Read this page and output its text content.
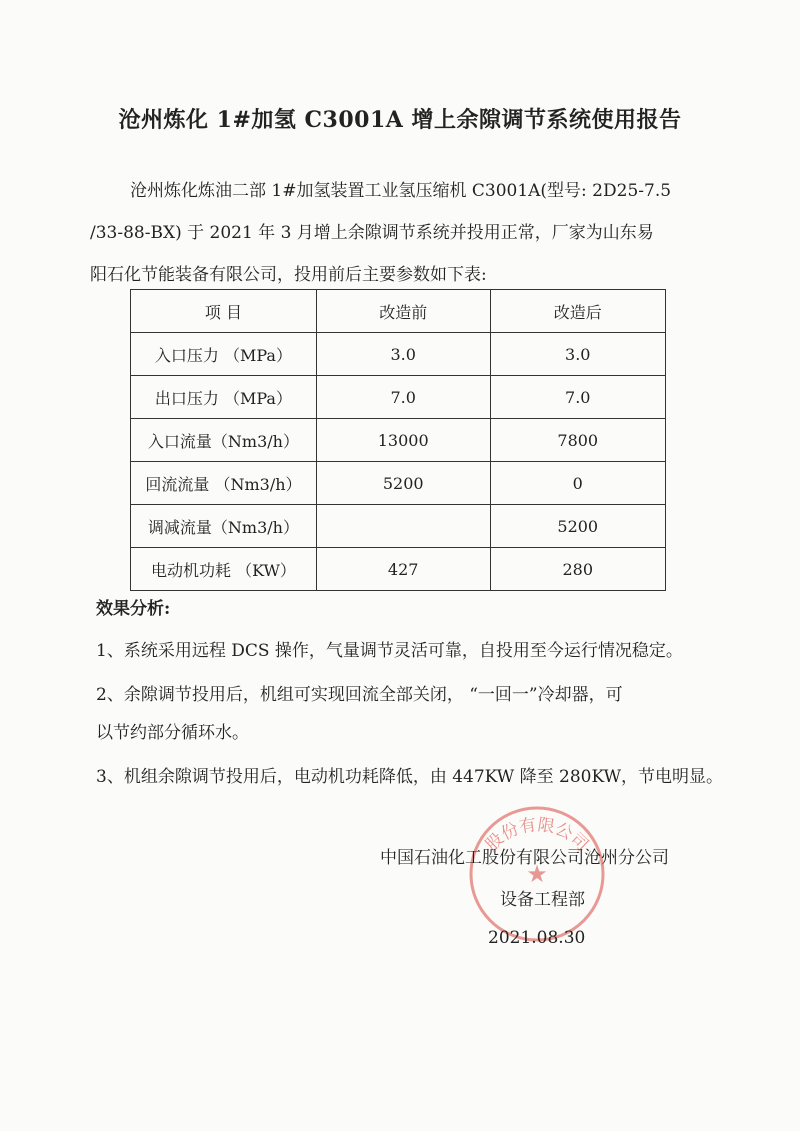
沧州炼化 1#加氢 C3001A 增上余隙调节系统使用报告
沧州炼化炼油二部 1#加氢装置工业氢压缩机 C3001A(型号: 2D25-7.5
/33-88-BX) 于 2021 年 3 月增上余隙调节系统并投用正常，厂家为山东易
阳石化节能装备有限公司，投用前后主要参数如下表:
项 目	改造前	改造后
入口压力 （MPa）	3.0	3.0
出口压力 （MPa）	7.0	7.0
入口流量（Nm3/h）	13000	7800
回流流量 （Nm3/h）	5200	0
调减流量（Nm3/h）		5200
电动机功耗 （KW）	427	280
效果分析:
1、系统采用远程 DCS 操作，气量调节灵活可靠，自投用至今运行情况稳定。
2、余隙调节投用后，机组可实现回流全部关闭， “一回一”冷却器，可
以节约部分循环水。
3、机组余隙调节投用后，电动机功耗降低，由 447KW 降至 280KW，节电明显。
股份有限公司
★
中国石油化工股份有限公司沧州分公司
设备工程部
2021.08.30
